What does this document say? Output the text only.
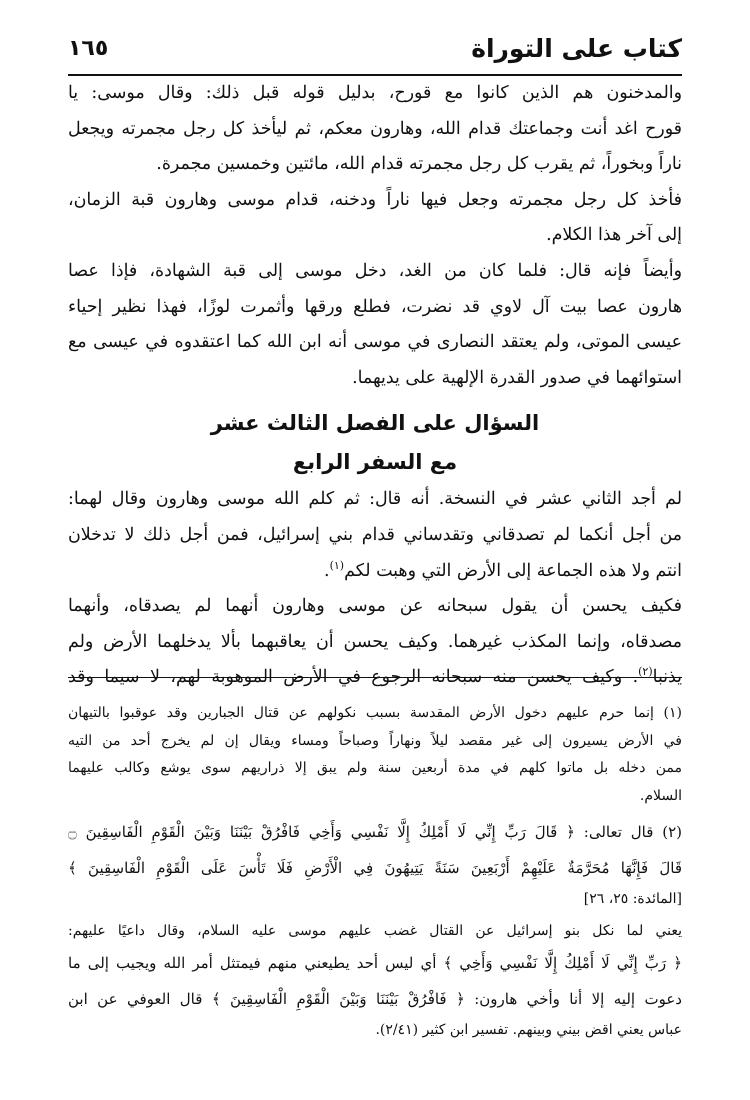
كتاب على التوراة
١٦٥
والمدخنون هم الذين كانوا مع قورح، بدليل قوله قبل ذلك: وقال موسى: يا
قورح اغد أنت وجماعتك قدام الله، وهارون معكم، ثم ليأخذ كل رجل مجمرته ويجعل
ناراً وبخوراً، ثم يقرب كل رجل مجمرته قدام الله، مائتين وخمسين مجمرة.
فأخذ كل رجل مجمرته وجعل فيها ناراً ودخنه، قدام موسى وهارون قبة الزمان،
إلى آخر هذا الكلام.
وأيضاً فإنه قال: فلما كان من الغد، دخل موسى إلى قبة الشهادة، فإذا عصا
هارون عصا بيت آل لاوي قد نضرت، فطلع ورقها وأثمرت لوزًا، فهذا نظير إحياء
عيسى الموتى، ولم يعتقد النصارى في موسى أنه ابن الله كما اعتقدوه في عيسى مع
استوائهما في صدور القدرة الإلهية على يديهما.
السؤال على الفصل الثالث عشر
مع السفر الرابع
لم أجد الثاني عشر في النسخة. أنه قال: ثم كلم الله موسى وهارون وقال لهما:
من أجل أنكما لم تصدقاني وتقدساني قدام بني إسرائيل، فمن أجل ذلك لا تدخلان
انتم ولا هذه الجماعة إلى الأرض التي وهبت لكم$^{(١)}$.
فكيف يحسن أن يقول سبحانه عن موسى وهارون أنهما لم يصدقاه، وأنهما
مصدقاه، وإنما المكذب غيرهما. وكيف يحسن أن يعاقبهما بألا يدخلهما الأرض ولم
يذنبا$^{(٢)}$. وكيف يحسن منه سبحانه الرجوع في الأرض الموهوبة لهم، لا سيما وقد
(١) إنما حرم عليهم دخول الأرض المقدسة بسبب نكولهم عن قتال الجبارين وقد عوقبوا بالتيهان
في الأرض يسيرون إلى غير مقصد ليلاً ونهاراً وصباحاً ومساء ويقال إن لم يخرج أحد من التيه
ممن دخله بل ماتوا كلهم في مدة أربعين سنة ولم يبق إلا ذراريهم سوى يوشع وكالب عليهما
السلام.
(٢) قال تعالى: ﴿ قَالَ رَبِّ إِنِّي لَا أَمْلِكُ إِلَّا نَفْسِي وَأَخِي فَافْرُقْ بَيْنَنَا وَبَيْنَ الْقَوْمِ الْفَاسِقِينَ ۝
قَالَ فَإِنَّهَا مُحَرَّمَةٌ عَلَيْهِمْ أَرْبَعِينَ سَنَةً يَتِيهُونَ فِي الْأَرْضِ فَلَا تَأْسَ عَلَى الْقَوْمِ الْفَاسِقِينَ ﴾
[المائدة: ٢٥، ٢٦]
يعني لما نكل بنو إسرائيل عن القتال غضب عليهم موسى عليه السلام، وقال داعيًا عليهم:
﴿ رَبِّ إِنِّي لَا أَمْلِكُ إِلَّا نَفْسِي وَأَخِي ﴾ أي ليس أحد يطيعني منهم فيمتثل أمر الله ويجيب إلى ما
دعوت إليه إلا أنا وأخي هارون: ﴿ فَافْرُقْ بَيْنَنَا وَبَيْنَ الْقَوْمِ الْفَاسِقِينَ ﴾ قال العوفي عن ابن
عباس يعني اقض بيني وبينهم. تفسير ابن كثير (٢/٤١).
